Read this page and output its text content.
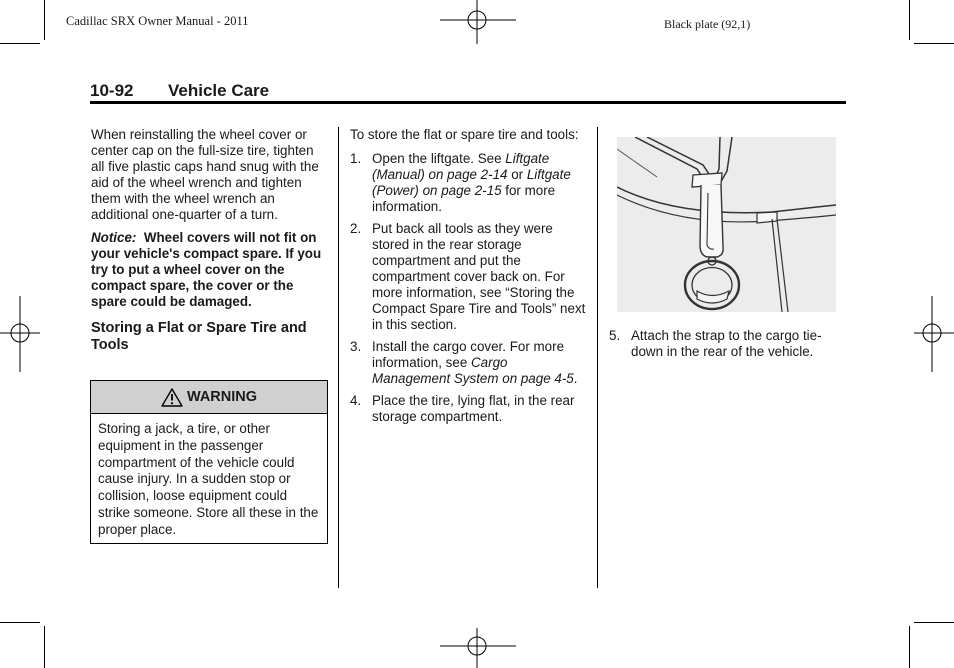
Cadillac SRX Owner Manual - 2011	Black plate (92,1)
10-92 Vehicle Care

When reinstalling the wheel cover or center cap on the full-size tire, tighten all five plastic caps hand snug with the aid of the wheel wrench and tighten them with the wheel wrench an additional one-quarter of a turn.

Notice: Wheel covers will not fit on your vehicle's compact spare. If you try to put a wheel cover on the compact spare, the cover or the spare could be damaged.

Storing a Flat or Spare Tire and Tools

WARNING
Storing a jack, a tire, or other equipment in the passenger compartment of the vehicle could cause injury. In a sudden stop or collision, loose equipment could strike someone. Store all these in the proper place.

To store the flat or spare tire and tools:

1. Open the liftgate. See Liftgate (Manual) on page 2-14 or Liftgate (Power) on page 2-15 for more information.
2. Put back all tools as they were stored in the rear storage compartment and put the compartment cover back on. For more information, see “Storing the Compact Spare Tire and Tools” next in this section.
3. Install the cargo cover. For more information, see Cargo Management System on page 4-5.
4. Place the tire, lying flat, in the rear storage compartment.
5. Attach the strap to the cargo tie-down in the rear of the vehicle.
